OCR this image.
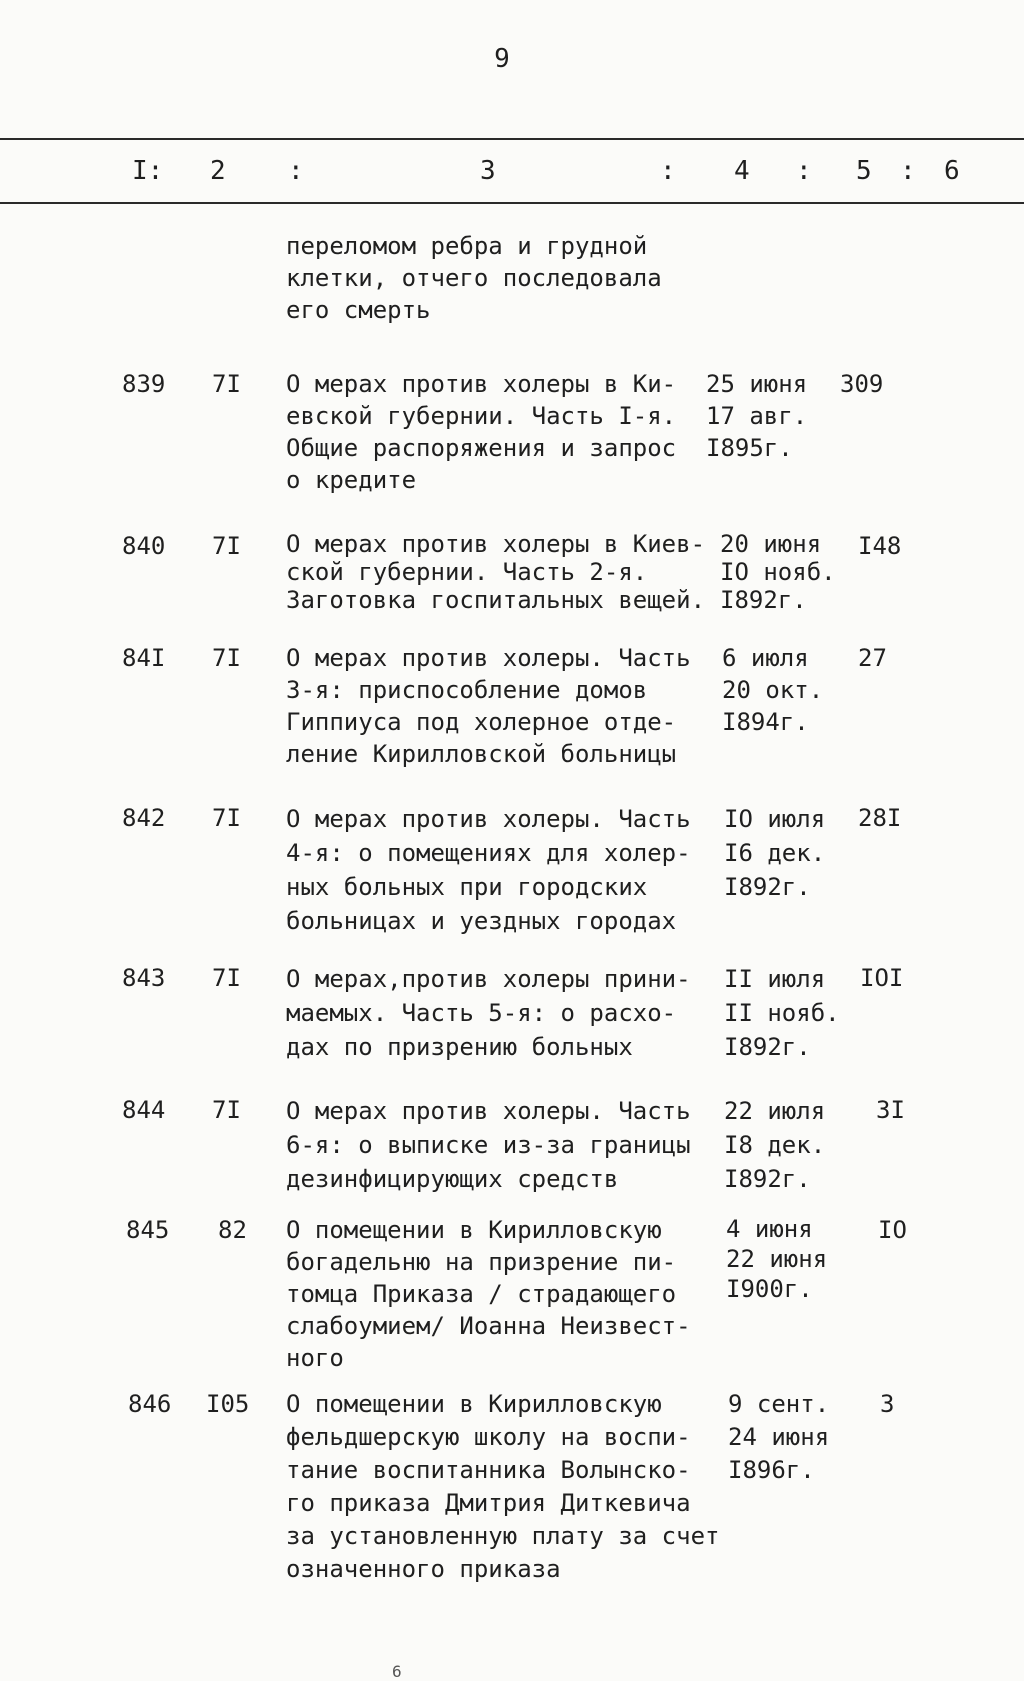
9
I: 2 :	3	: 4 : 5 : 6
переломом ребра и грудной
клетки, отчего последовала
его смерть
839 7I О мерах против холеры в Ки-
евской губернии. Часть I-я.
Общие распоряжения и запрос
о кредите
25 июня
17 авг.
I895г.
309
840 7I О мерах против холеры в Киев-
ской губернии. Часть 2-я.
Заготовка госпитальных вещей.
20 июня
IO нояб.
I892г.
I48
84I 7I О мерах против холеры. Часть
3-я: приспособление домов
Гиппиуса под холерное отде-
ление Кирилловской больницы
6 июля
20 окт.
I894г.
27
842 7I О мерах против холеры. Часть
4-я: о помещениях для холер-
ных больных при городских
больницах и уездных городах
IO июля
I6 дек.
I892г.
28I
843 7I О мерах,против холеры прини-
маемых. Часть 5-я: о расхо-
дах по призрению больных
II июля
II нояб.
I892г.
IOI
844 7I О мерах против холеры. Часть
6-я: о выписке из-за границы
дезинфицирующих средств
22 июля
I8 дек.
I892г.
3I
845 82 О помещении в Кирилловскую
богадельню на призрение пи-
томца Приказа / страдающего
слабоумием/ Иоанна Неизвест-
ного
4 июня
22 июня
I900г.
IO
846 I05 О помещении в Кирилловскую
фельдшерскую школу на воспи-
тание воспитанника Волынско-
го приказа Дмитрия Диткевича
за установленную плату за счет
означенного приказа
9 сент.
24 июня
I896г.
3
6
